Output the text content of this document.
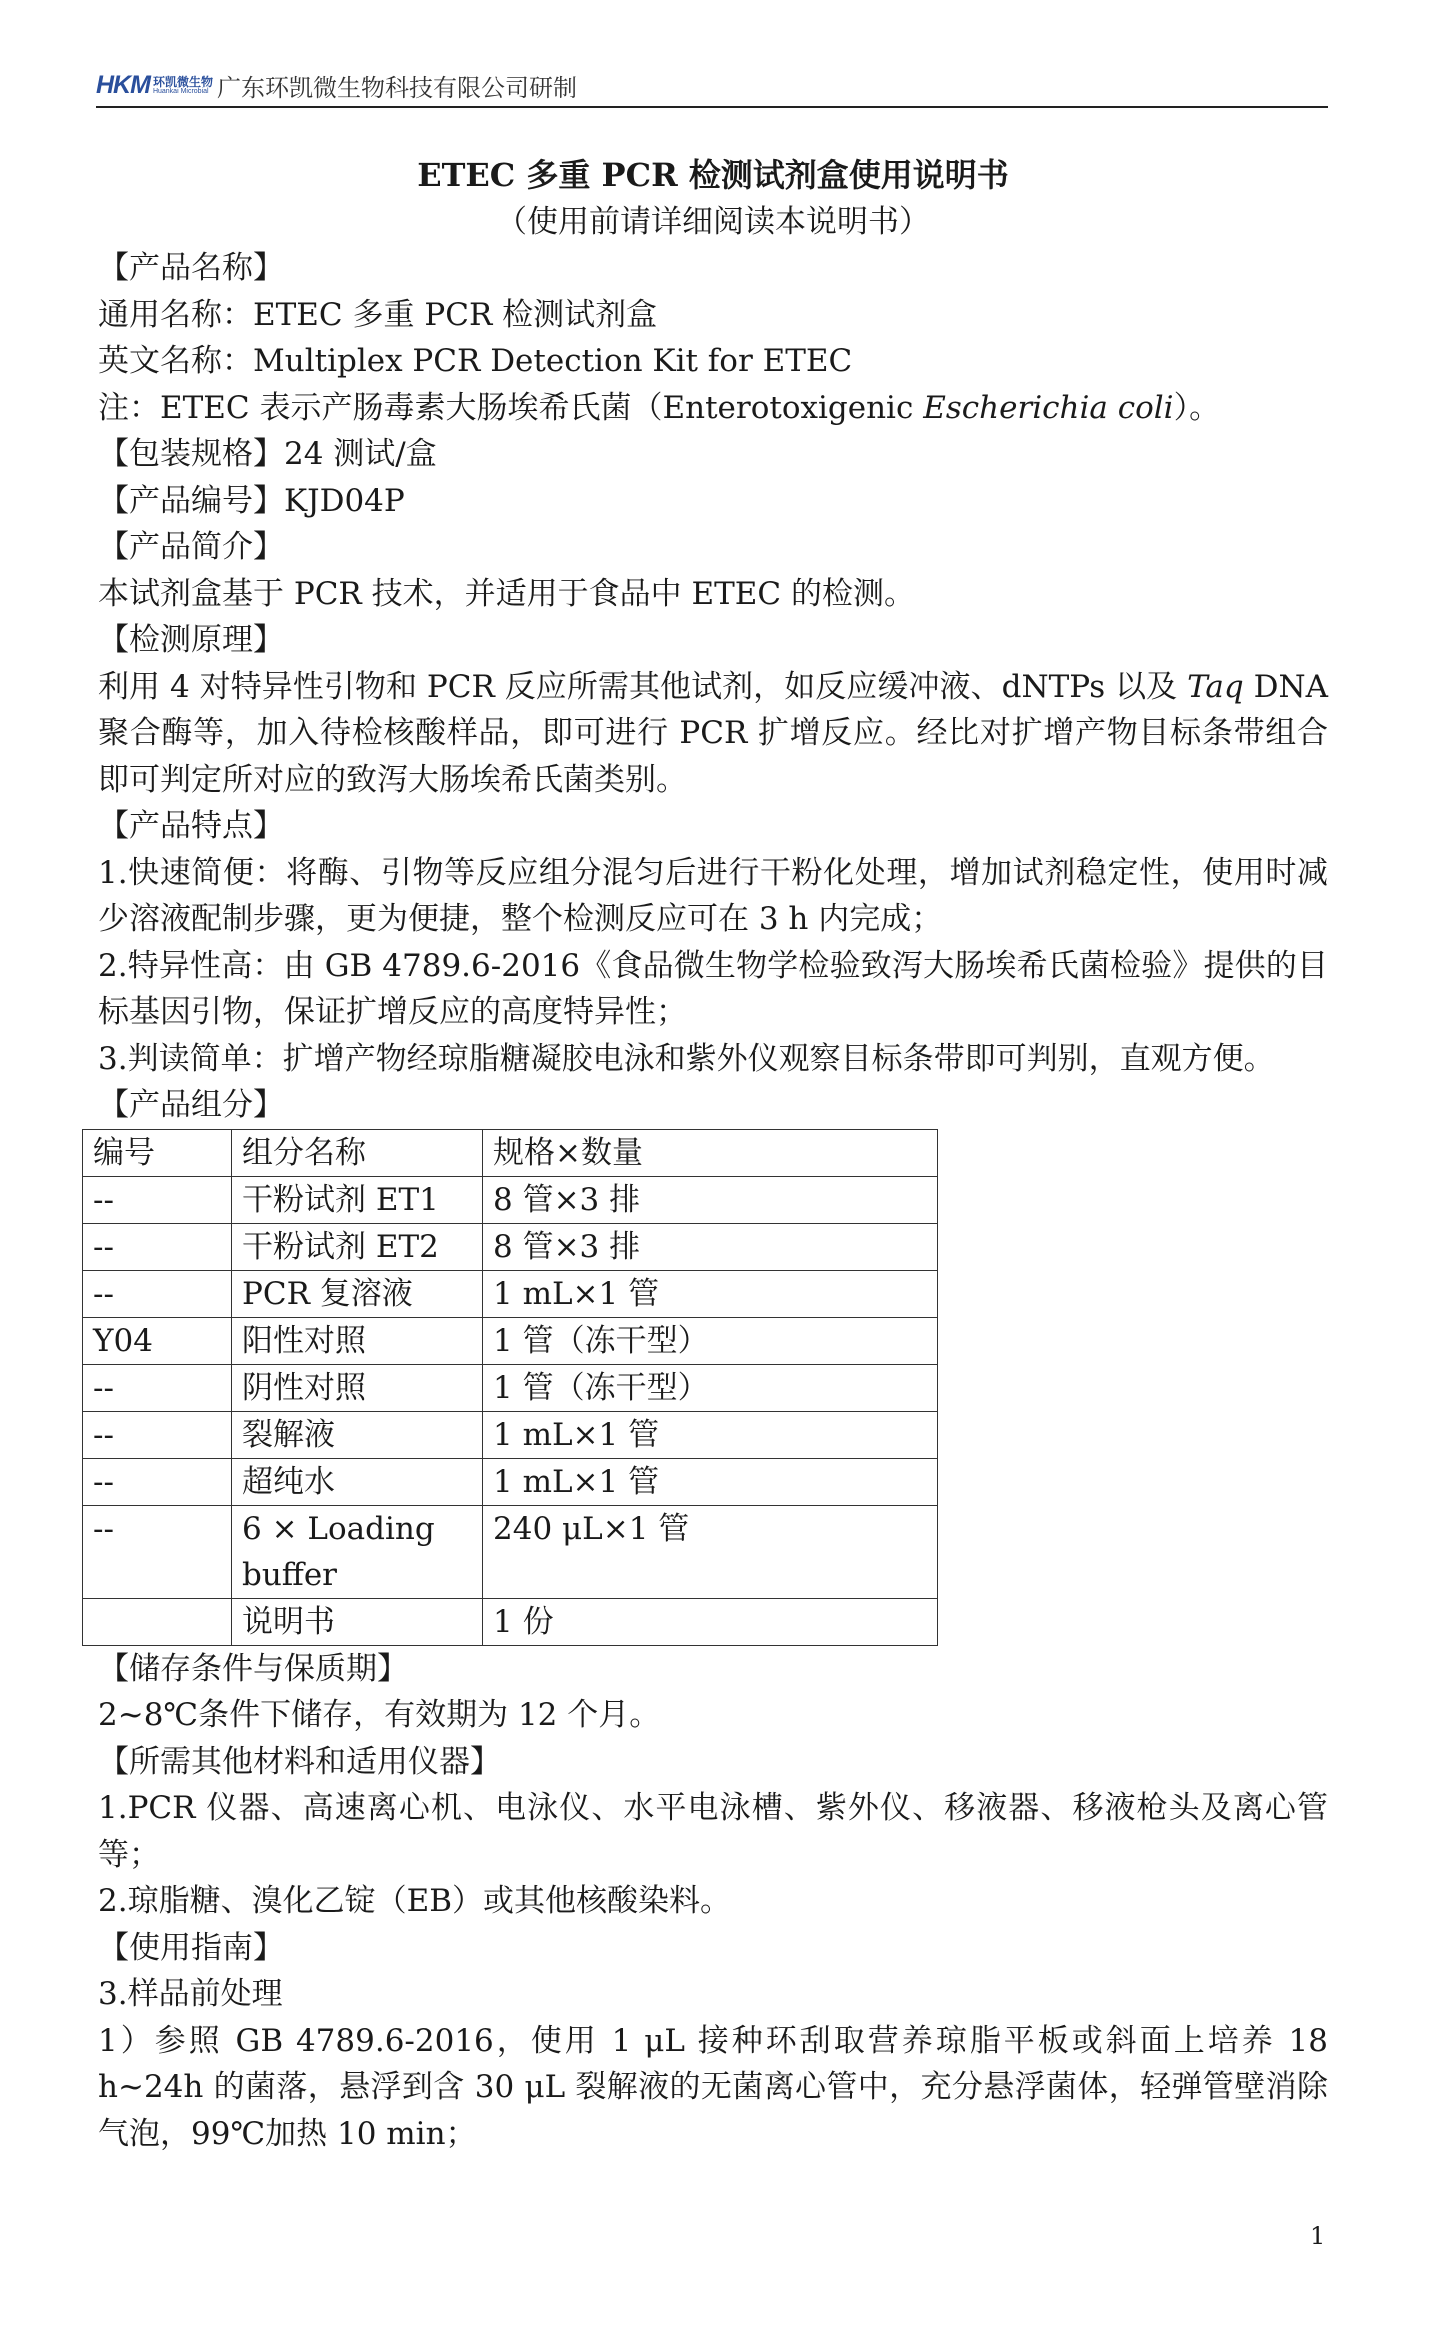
HKM 环凯微生物
Huankai Microbial 广东环凯微生物科技有限公司研制

ETEC 多重 PCR 检测试剂盒使用说明书

（使用前请详细阅读本说明书）

【产品名称】

通用名称：ETEC 多重 PCR 检测试剂盒

英文名称：Multiplex PCR Detection Kit for ETEC

注：ETEC 表示产肠毒素大肠埃希氏菌（Enterotoxigenic Escherichia coli）。

【包装规格】24 测试/盒

【产品编号】KJD04P

【产品简介】

本试剂盒基于 PCR 技术，并适用于食品中 ETEC 的检测。

【检测原理】

利用 4 对特异性引物和 PCR 反应所需其他试剂，如反应缓冲液、dNTPs 以及 Taq DNA 聚合酶等，加入待检核酸样品，即可进行 PCR 扩增反应。经比对扩增产物目标条带组合即可判定所对应的致泻大肠埃希氏菌类别。

【产品特点】

1.快速简便：将酶、引物等反应组分混匀后进行干粉化处理，增加试剂稳定性，使用时减少溶液配制步骤，更为便捷，整个检测反应可在 3 h 内完成；

2.特异性高：由 GB 4789.6-2016《食品微生物学检验致泻大肠埃希氏菌检验》提供的目标基因引物，保证扩增反应的高度特异性；

3.判读简单：扩增产物经琼脂糖凝胶电泳和紫外仪观察目标条带即可判别，直观方便。

【产品组分】

编号	组分名称	规格×数量
--	干粉试剂 ET1	8 管×3 排
--	干粉试剂 ET2	8 管×3 排
--	PCR 复溶液	1 mL×1 管
Y04	阳性对照	1 管（冻干型）
--	阴性对照	1 管（冻干型）
--	裂解液	1 mL×1 管
--	超纯水	1 mL×1 管
--	6 × Loading buffer	240 μL×1 管
	说明书	1 份

【储存条件与保质期】

2~8℃条件下储存，有效期为 12 个月。

【所需其他材料和适用仪器】

1.PCR 仪器、高速离心机、电泳仪、水平电泳槽、紫外仪、移液器、移液枪头及离心管等；

2.琼脂糖、溴化乙锭（EB）或其他核酸染料。

【使用指南】

3.样品前处理

1）参照 GB 4789.6-2016，使用 1 μL 接种环刮取营养琼脂平板或斜面上培养 18 h~24h 的菌落，悬浮到含 30 μL 裂解液的无菌离心管中，充分悬浮菌体，轻弹管壁消除气泡，99℃加热 10 min；

1
